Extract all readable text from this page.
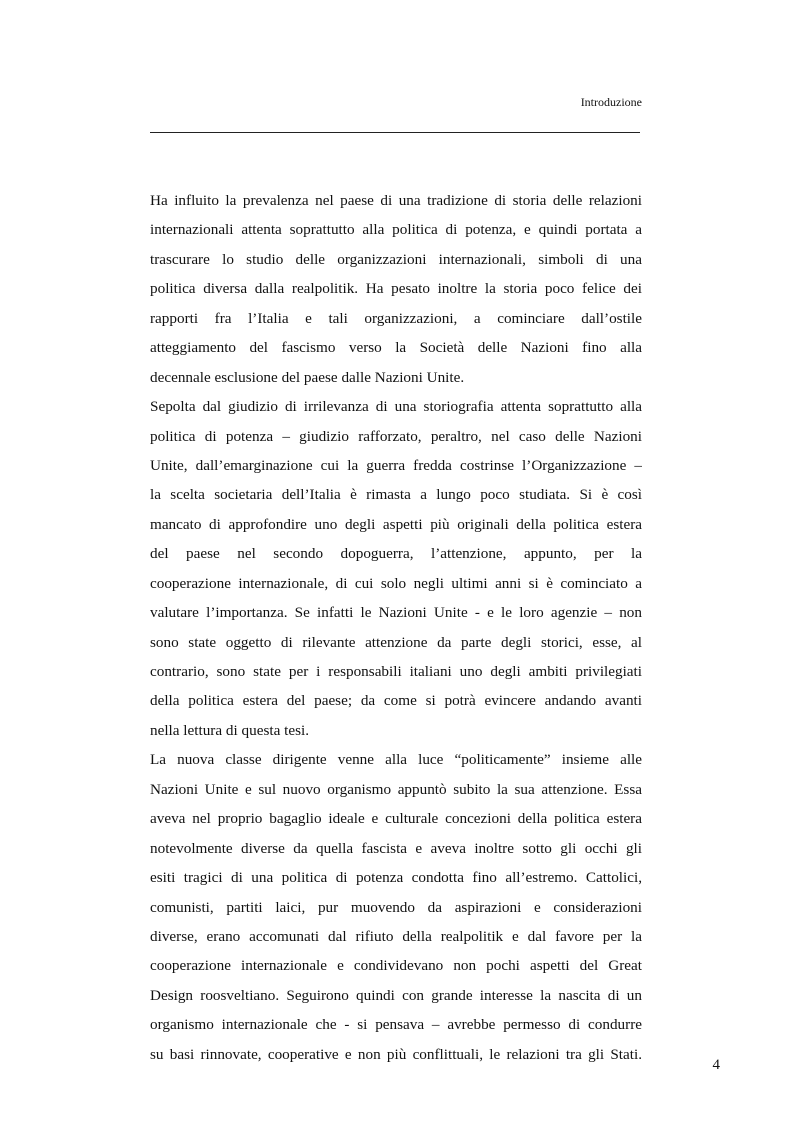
Introduzione
Ha influito la prevalenza nel paese di una tradizione di storia delle relazioni
internazionali attenta soprattutto alla politica di potenza, e quindi portata a
trascurare lo studio delle organizzazioni internazionali, simboli di una
politica diversa dalla realpolitik. Ha pesato inoltre la storia poco felice dei
rapporti fra l’Italia e tali organizzazioni, a cominciare dall’ostile
atteggiamento del fascismo verso la Società delle Nazioni fino alla
decennale esclusione del paese dalle Nazioni Unite.
Sepolta dal giudizio di irrilevanza di una storiografia attenta soprattutto alla
politica di potenza – giudizio rafforzato, peraltro, nel caso delle Nazioni
Unite, dall’emarginazione cui la guerra fredda costrinse l’Organizzazione –
la scelta societaria dell’Italia è rimasta a lungo poco studiata. Si è così
mancato di approfondire uno degli aspetti più originali della politica estera
del paese nel secondo dopoguerra, l’attenzione, appunto, per la
cooperazione internazionale, di cui solo negli ultimi anni si è cominciato a
valutare l’importanza. Se infatti le Nazioni Unite - e le loro agenzie – non
sono state oggetto di rilevante attenzione da parte degli storici, esse, al
contrario, sono state per i responsabili italiani uno degli ambiti privilegiati
della politica estera del paese; da come si potrà evincere andando avanti
nella lettura di questa tesi.
La nuova classe dirigente venne alla luce “politicamente” insieme alle
Nazioni Unite e sul nuovo organismo appuntò subito la sua attenzione. Essa
aveva nel proprio bagaglio ideale e culturale concezioni della politica estera
notevolmente diverse da quella fascista e aveva inoltre sotto gli occhi gli
esiti tragici di una politica di potenza condotta fino all’estremo. Cattolici,
comunisti, partiti laici, pur muovendo da aspirazioni e considerazioni
diverse, erano accomunati dal rifiuto della realpolitik e dal favore per la
cooperazione internazionale e condividevano non pochi aspetti del Great
Design roosveltiano. Seguirono quindi con grande interesse la nascita di un
organismo internazionale che - si pensava – avrebbe permesso di condurre
su basi rinnovate, cooperative e non più conflittuali, le relazioni tra gli Stati.
4
